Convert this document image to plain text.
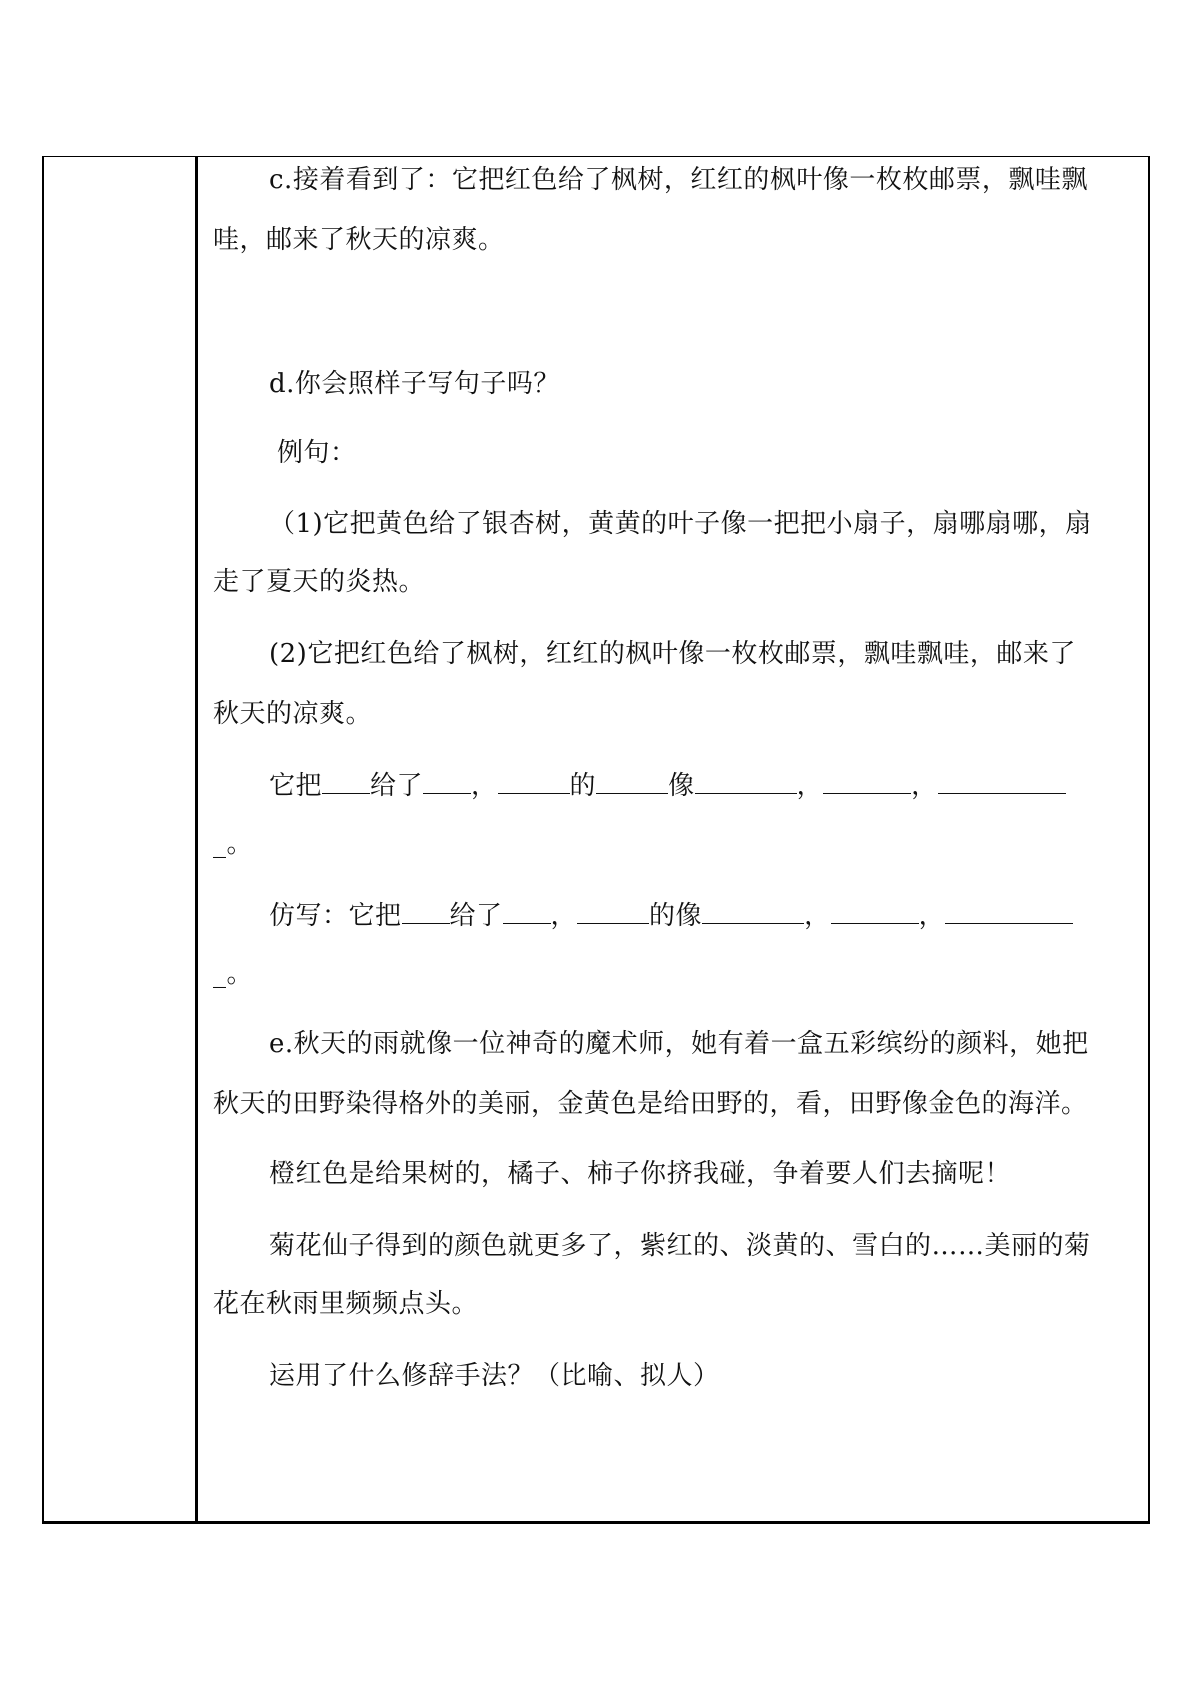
c.接着看到了：它把红色给了枫树，红红的枫叶像一枚枚邮票，飘哇飘
哇，邮来了秋天的凉爽。
d.你会照样子写句子吗？
例句：
（1)它把黄色给了银杏树，黄黄的叶子像一把把小扇子，扇哪扇哪，扇
走了夏天的炎热。
(2)它把红色给了枫树，红红的枫叶像一枚枚邮票，飘哇飘哇，邮来了
秋天的凉爽。
它把 给了 ，	的	像	，	，
_。
仿写：它把 给了 ，	的像	，	，
_。
e.秋天的雨就像一位神奇的魔术师，她有着一盒五彩缤纷的颜料，她把
秋天的田野染得格外的美丽，金黄色是给田野的，看，田野像金色的海洋。
橙红色是给果树的，橘子、柿子你挤我碰，争着要人们去摘呢！
菊花仙子得到的颜色就更多了，紫红的、淡黄的、雪白的……美丽的菊
花在秋雨里频频点头。
运用了什么修辞手法？（比喻、拟人）
